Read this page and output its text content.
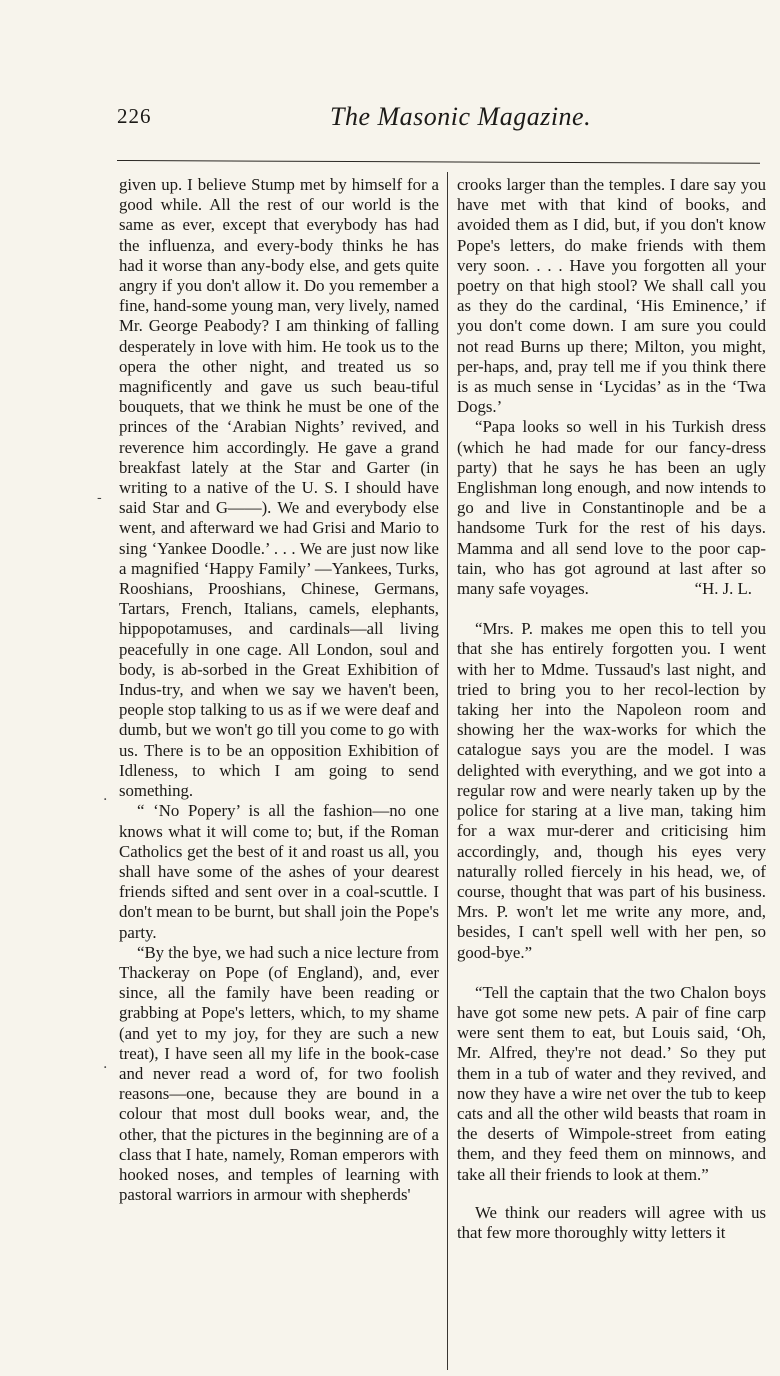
226	The Masonic Magazine.
-
·
·

given up. I believe Stump met by himself for a good while. All the rest of our world is the same as ever, except that everybody has had the influenza, and every-body thinks he has had it worse than any-body else, and gets quite angry if you don't allow it. Do you remember a fine, hand-some young man, very lively, named Mr. George Peabody? I am thinking of falling desperately in love with him. He took us to the opera the other night, and treated us so magnificently and gave us such beau-tiful bouquets, that we think he must be one of the princes of the ‘Arabian Nights’ revived, and reverence him accordingly. He gave a grand breakfast lately at the Star and Garter (in writing to a native of the U. S. I should have said Star and G——). We and everybody else went, and afterward we had Grisi and Mario to sing ‘Yankee Doodle.’ . . . We are just now like a magnified ‘Happy Family’ —Yankees, Turks, Rooshians, Prooshians, Chinese, Germans, Tartars, French, Italians, camels, elephants, hippopotamuses, and cardinals—all living peacefully in one cage. All London, soul and body, is ab-sorbed in the Great Exhibition of Indus-try, and when we say we haven't been, people stop talking to us as if we were deaf and dumb, but we won't go till you come to go with us. There is to be an opposition Exhibition of Idleness, to which I am going to send something.

“ ‘No Popery’ is all the fashion—no one knows what it will come to; but, if the Roman Catholics get the best of it and roast us all, you shall have some of the ashes of your dearest friends sifted and sent over in a coal-scuttle. I don't mean to be burnt, but shall join the Pope's party.

“By the bye, we had such a nice lecture from Thackeray on Pope (of England), and, ever since, all the family have been reading or grabbing at Pope's letters, which, to my shame (and yet to my joy, for they are such a new treat), I have seen all my life in the book-case and never read a word of, for two foolish reasons—one, because they are bound in a colour that most dull books wear, and, the other, that the pictures in the beginning are of a class that I hate, namely, Roman emperors with hooked noses, and temples of learning with pastoral warriors in armour with shepherds'

crooks larger than the temples. I dare say you have met with that kind of books, and avoided them as I did, but, if you don't know Pope's letters, do make friends with them very soon. . . . Have you forgotten all your poetry on that high stool? We shall call you as they do the cardinal, ‘His Eminence,’ if you don't come down. I am sure you could not read Burns up there; Milton, you might, per-haps, and, pray tell me if you think there is as much sense in ‘Lycidas’ as in the ‘Twa Dogs.’

“Papa looks so well in his Turkish dress (which he had made for our fancy-dress party) that he says he has been an ugly Englishman long enough, and now intends to go and live in Constantinople and be a handsome Turk for the rest of his days. Mamma and all send love to the poor cap-tain, who has got aground at last after so many safe voyages.	“H. J. L.

“Mrs. P. makes me open this to tell you that she has entirely forgotten you. I went with her to Mdme. Tussaud's last night, and tried to bring you to her recol-lection by taking her into the Napoleon room and showing her the wax-works for which the catalogue says you are the model. I was delighted with everything, and we got into a regular row and were nearly taken up by the police for staring at a live man, taking him for a wax mur-derer and criticising him accordingly, and, though his eyes very naturally rolled fiercely in his head, we, of course, thought that was part of his business. Mrs. P. won't let me write any more, and, besides, I can't spell well with her pen, so good-bye.”

“Tell the captain that the two Chalon boys have got some new pets. A pair of fine carp were sent them to eat, but Louis said, ‘Oh, Mr. Alfred, they're not dead.’ So they put them in a tub of water and they revived, and now they have a wire net over the tub to keep cats and all the other wild beasts that roam in the deserts of Wimpole-street from eating them, and they feed them on minnows, and take all their friends to look at them.”

We think our readers will agree with us that few more thoroughly witty letters it
